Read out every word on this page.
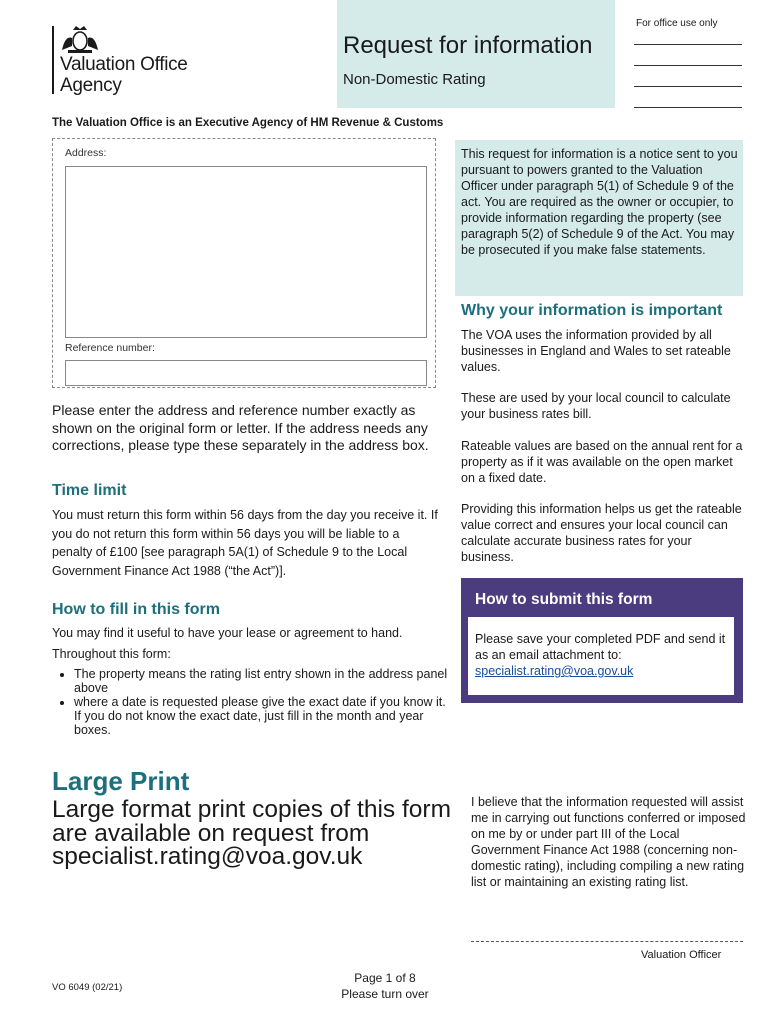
Valuation Office
Agency
Request for information
Non-Domestic Rating
For office use only
The Valuation Office is an Executive Agency of HM Revenue & Customs
Address:
Reference number:
Please enter the address and reference number exactly as shown on the original form or letter. If the address needs any corrections, please type these separately in the address box.
Time limit
You must return this form within 56 days from the day you receive it. If you do not return this form within 56 days you will be liable to a penalty of £100 [see paragraph 5A(1) of Schedule 9 to the Local Government Finance Act 1988 (“the Act”)].
How to fill in this form
You may find it useful to have your lease or agreement to hand.
Throughout this form:
• The property means the rating list entry shown in the address panel above
• where a date is requested please give the exact date if you know it. If you do not know the exact date, just fill in the month and year boxes.
This request for information is a notice sent to you pursuant to powers granted to the Valuation Officer under paragraph 5(1) of Schedule 9 of the act. You are required as the owner or occupier, to provide information regarding the property (see paragraph 5(2) of Schedule 9 of the Act. You may be prosecuted if you make false statements.
Why your information is important
The VOA uses the information provided by all businesses in England and Wales to set rateable values.
These are used by your local council to calculate your business rates bill.
Rateable values are based on the annual rent for a property as if it was available on the open market on a fixed date.
Providing this information helps us get the rateable value correct and ensures your local council can calculate accurate business rates for your business.
How to submit this form
Please save your completed PDF and send it as an email attachment to:
specialist.rating@voa.gov.uk
Large Print
Large format print copies of this form are available on request from specialist.rating@voa.gov.uk
I believe that the information requested will assist me in carrying out functions conferred or imposed on me by or under part III of the Local Government Finance Act 1988 (concerning non-domestic rating), including compiling a new rating list or maintaining an existing rating list.
Valuation Officer
VO 6049 (02/21)
Page 1 of 8
Please turn over
